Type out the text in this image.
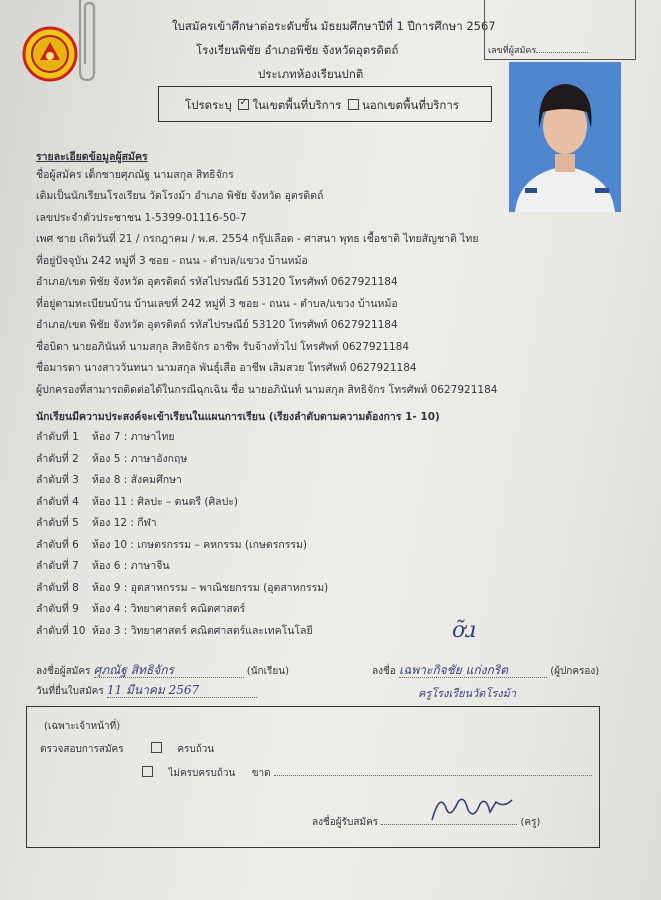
ใบสมัครเข้าศึกษาต่อระดับชั้น มัธยมศึกษาปีที่ 1 ปีการศึกษา 2567
โรงเรียนพิชัย อำเภอพิชัย จังหวัดอุตรดิตถ์
ประเภทห้องเรียนปกติ
เลขที่ผู้สมัคร
โปรดระบุ ✓ ในเขตพื้นที่บริการ นอกเขตพื้นที่บริการ
รายละเอียดข้อมูลผู้สมัคร
ชื่อผู้สมัคร เด็กชายศุภณัฐ นามสกุล สิทธิจักร
เดิมเป็นนักเรียนโรงเรียน วัดโรงม้า อำเภอ พิชัย จังหวัด อุตรดิตถ์
เลขประจำตัวประชาชน 1-5399-01116-50-7
เพศ ชาย เกิดวันที่ 21 / กรกฎาคม / พ.ศ. 2554 กรุ๊ปเลือด - ศาสนา พุทธ เชื้อชาติ ไทยสัญชาติ ไทย
ที่อยู่ปัจจุบัน 242 หมู่ที่ 3 ซอย - ถนน - ตำบล/แขวง บ้านหม้อ
อำเภอ/เขต พิชัย จังหวัด อุตรดิตถ์ รหัสไปรษณีย์ 53120 โทรศัพท์ 0627921184
ที่อยู่ตามทะเบียนบ้าน บ้านเลขที่ 242 หมู่ที่ 3 ซอย - ถนน - ตำบล/แขวง บ้านหม้อ
อำเภอ/เขต พิชัย จังหวัด อุตรดิตถ์ รหัสไปรษณีย์ 53120 โทรศัพท์ 0627921184
ชื่อบิดา นายอภินันท์ นามสกุล สิทธิจักร อาชีพ รับจ้างทั่วไป โทรศัพท์ 0627921184
ชื่อมารดา นางสาววันทนา นามสกุล พันธุ์เสือ อาชีพ เสิมสวย โทรศัพท์ 0627921184
ผู้ปกครองที่สามารถติดต่อได้ในกรณีฉุกเฉิน ชื่อ นายอภินันท์ นามสกุล สิทธิจักร โทรศัพท์ 0627921184
นักเรียนมีความประสงค์จะเข้าเรียนในแผนการเรียน (เรียงลำดับตามความต้องการ 1- 10)
ลำดับที่ 1 ห้อง 7 : ภาษาไทย
ลำดับที่ 2 ห้อง 5 : ภาษาอังกฤษ
ลำดับที่ 3 ห้อง 8 : สังคมศึกษา
ลำดับที่ 4 ห้อง 11 : ศิลปะ – ดนตรี (ศิลปะ)
ลำดับที่ 5 ห้อง 12 : กีฬา
ลำดับที่ 6 ห้อง 10 : เกษตรกรรม – คหกรรม (เกษตรกรรม)
ลำดับที่ 7 ห้อง 6 : ภาษาจีน
ลำดับที่ 8 ห้อง 9 : อุตสาหกรรม – พาณิชยกรรม (อุตสาหกรรม)
ลำดับที่ 9 ห้อง 4 : วิทยาศาสตร์ คณิตศาสตร์
ลำดับที่ 10 ห้อง 3 : วิทยาศาสตร์ คณิตศาสตร์และเทคโนโลยี
ลงชื่อผู้สมัคร ศุภณัฐ สิทธิจักร	(นักเรียน)
วันที่ยื่นใบสมัคร 11 มีนาคม 2567
ỡɹ
ลงชื่อ เฉพาะกิจชัย แก่งกริต	(ผู้ปกครอง)
ครูโรงเรียนวัดโรงม้า
(เฉพาะเจ้าหน้าที่)
ตรวจสอบการสมัคร	ครบถ้วน
ไม่ครบครบถ้วน ขาด
ลงชื่อผู้รับสมัคร	(ครู)
